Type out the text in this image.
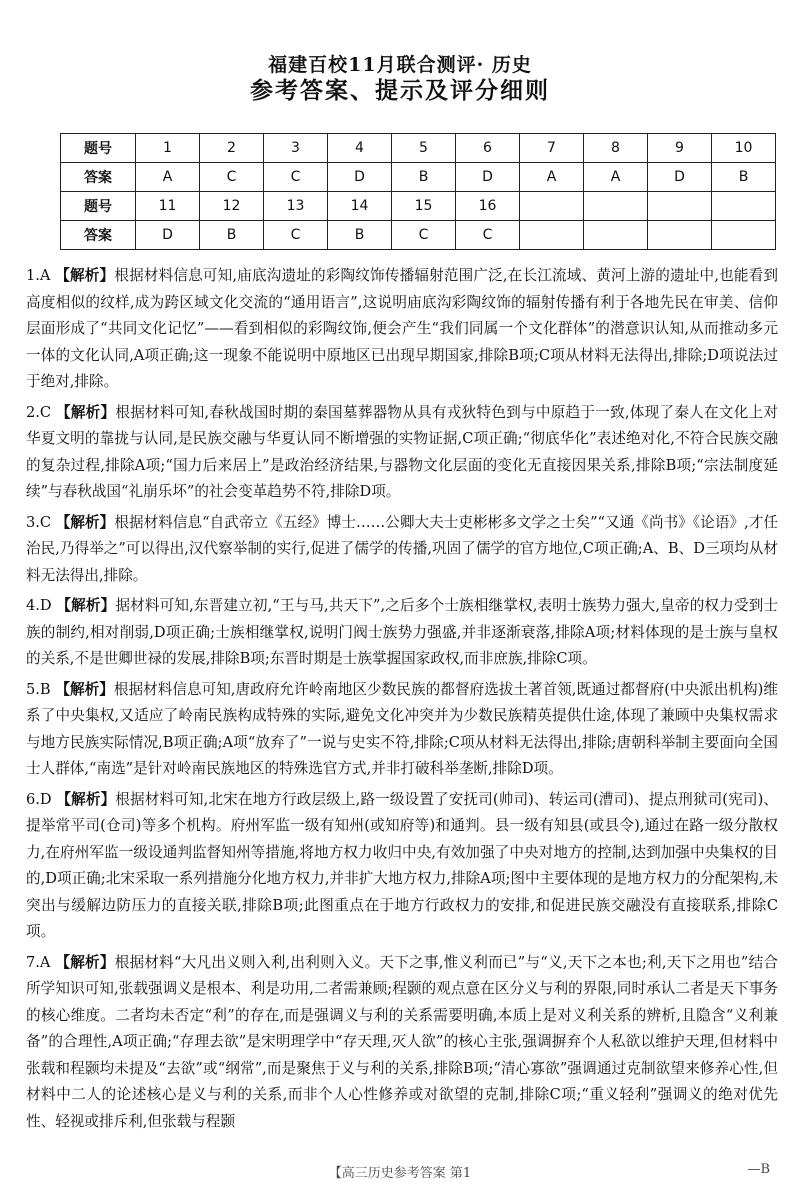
福建百校11月联合测评· 历史
参考答案、提示及评分细则
题号	1	2	3	4	5	6	7	8	9	10
答案	A	C	C	D	B	D	A	A	D	B
题号	11	12	13	14	15	16				
答案	D	B	C	B	C	C				
1.A 【解析】根据材料信息可知,庙底沟遗址的彩陶纹饰传播辐射范围广泛,在长江流域、黄河上游的遗址中,也能看到高度相似的纹样,成为跨区域文化交流的“通用语言”,这说明庙底沟彩陶纹饰的辐射传播有利于各地先民在审美、信仰层面形成了“共同文化记忆”——看到相似的彩陶纹饰,便会产生“我们同属一个文化群体”的潜意识认知,从而推动多元一体的文化认同,A项正确;这一现象不能说明中原地区已出现早期国家,排除B项;C项从材料无法得出,排除;D项说法过于绝对,排除。
2.C 【解析】根据材料可知,春秋战国时期的秦国墓葬器物从具有戎狄特色到与中原趋于一致,体现了秦人在文化上对华夏文明的靠拢与认同,是民族交融与华夏认同不断增强的实物证据,C项正确;“彻底华化”表述绝对化,不符合民族交融的复杂过程,排除A项;“国力后来居上”是政治经济结果,与器物文化层面的变化无直接因果关系,排除B项;“宗法制度延续”与春秋战国“礼崩乐坏”的社会变革趋势不符,排除D项。
3.C 【解析】根据材料信息“自武帝立《五经》博士……公卿大夫士吏彬彬多文学之士矣”“又通《尚书》《论语》,才任治民,乃得举之”可以得出,汉代察举制的实行,促进了儒学的传播,巩固了儒学的官方地位,C项正确;A、B、D三项均从材料无法得出,排除。
4.D 【解析】据材料可知,东晋建立初,“王与马,共天下”,之后多个士族相继掌权,表明士族势力强大,皇帝的权力受到士族的制约,相对削弱,D项正确;士族相继掌权,说明门阀士族势力强盛,并非逐渐衰落,排除A项;材料体现的是士族与皇权的关系,不是世卿世禄的发展,排除B项;东晋时期是士族掌握国家政权,而非庶族,排除C项。
5.B 【解析】根据材料信息可知,唐政府允许岭南地区少数民族的都督府选拔土著首领,既通过都督府(中央派出机构)维系了中央集权,又适应了岭南民族构成特殊的实际,避免文化冲突并为少数民族精英提供仕途,体现了兼顾中央集权需求与地方民族实际情况,B项正确;A项“放弃了”一说与史实不符,排除;C项从材料无法得出,排除;唐朝科举制主要面向全国士人群体,“南选”是针对岭南民族地区的特殊选官方式,并非打破科举垄断,排除D项。
6.D 【解析】根据材料可知,北宋在地方行政层级上,路一级设置了安抚司(帅司)、转运司(漕司)、提点刑狱司(宪司)、提举常平司(仓司)等多个机构。府州军监一级有知州(或知府等)和通判。县一级有知县(或县令),通过在路一级分散权力,在府州军监一级设通判监督知州等措施,将地方权力收归中央,有效加强了中央对地方的控制,达到加强中央集权的目的,D项正确;北宋采取一系列措施分化地方权力,并非扩大地方权力,排除A项;图中主要体现的是地方权力的分配架构,未突出与缓解边防压力的直接关联,排除B项;此图重点在于地方行政权力的安排,和促进民族交融没有直接联系,排除C项。
7.A 【解析】根据材料“大凡出义则入利,出利则入义。天下之事,惟义利而已”与“义,天下之本也;利,天下之用也”结合所学知识可知,张载强调义是根本、利是功用,二者需兼顾;程颢的观点意在区分义与利的界限,同时承认二者是天下事务的核心维度。二者均未否定“利”的存在,而是强调义与利的关系需要明确,本质上是对义利关系的辨析,且隐含“义利兼备”的合理性,A项正确;“存理去欲”是宋明理学中“存天理,灭人欲”的核心主张,强调摒弃个人私欲以维护天理,但材料中张载和程颢均未提及“去欲”或“纲常”,而是聚焦于义与利的关系,排除B项;“清心寡欲”强调通过克制欲望来修养心性,但材料中二人的论述核心是义与利的关系,而非个人心性修养或对欲望的克制,排除C项;“重义轻利”强调义的绝对优先性、轻视或排斥利,但张载与程颢
【高三历史参考答案 第1	—B
